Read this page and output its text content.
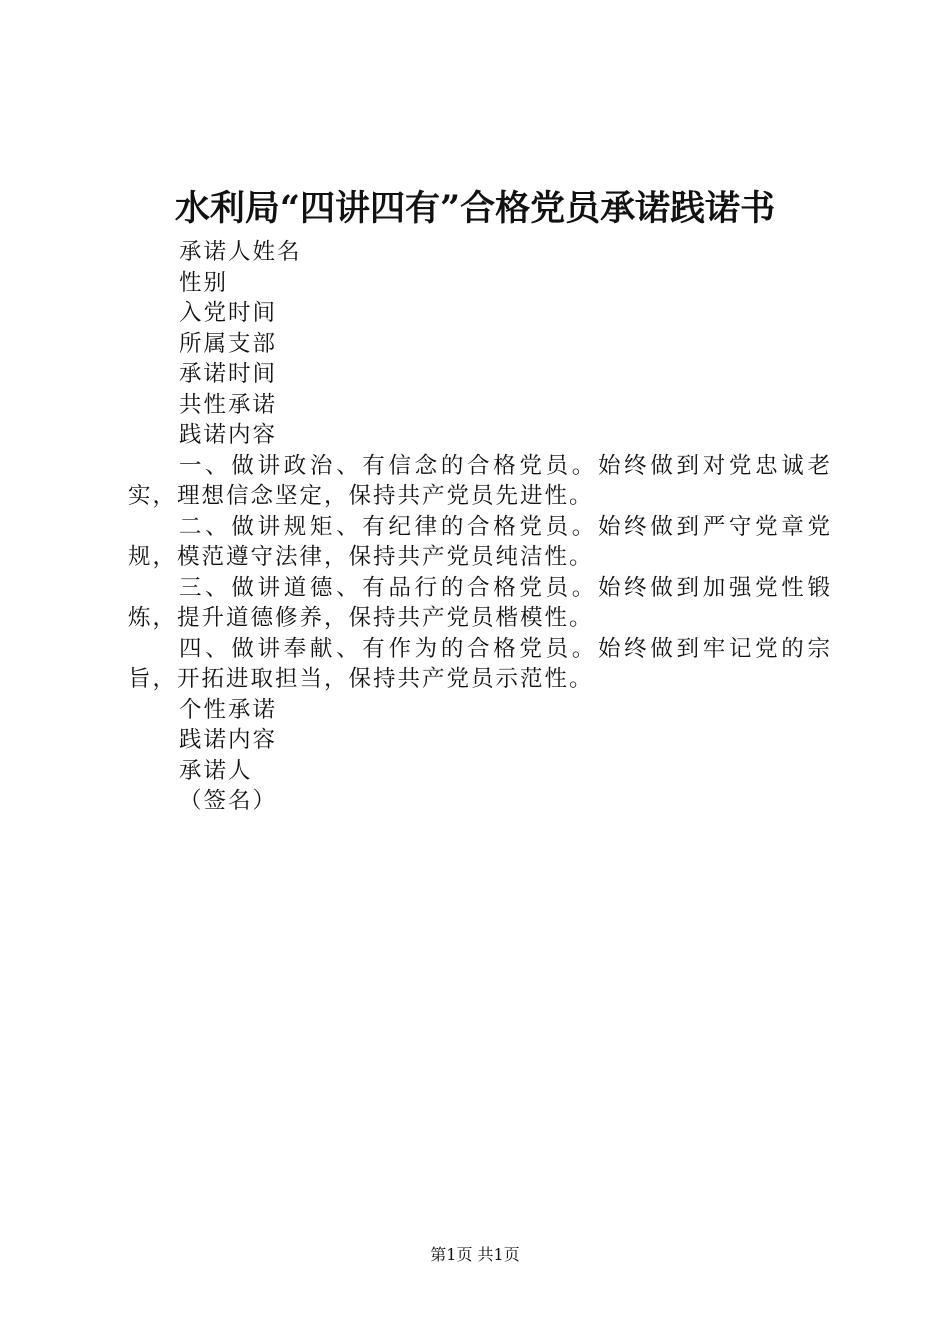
水利局“四讲四有”合格党员承诺践诺书
承诺人姓名
性别
入党时间
所属支部
承诺时间
共性承诺
践诺内容
一、做讲政治、有信念的合格党员。始终做到对党忠诚老实，理想信念坚定，保持共产党员先进性。
二、做讲规矩、有纪律的合格党员。始终做到严守党章党规，模范遵守法律，保持共产党员纯洁性。
三、做讲道德、有品行的合格党员。始终做到加强党性锻炼，提升道德修养，保持共产党员楷模性。
四、做讲奉献、有作为的合格党员。始终做到牢记党的宗旨，开拓进取担当，保持共产党员示范性。
个性承诺
践诺内容
承诺人
（签名）
第1页 共1页
